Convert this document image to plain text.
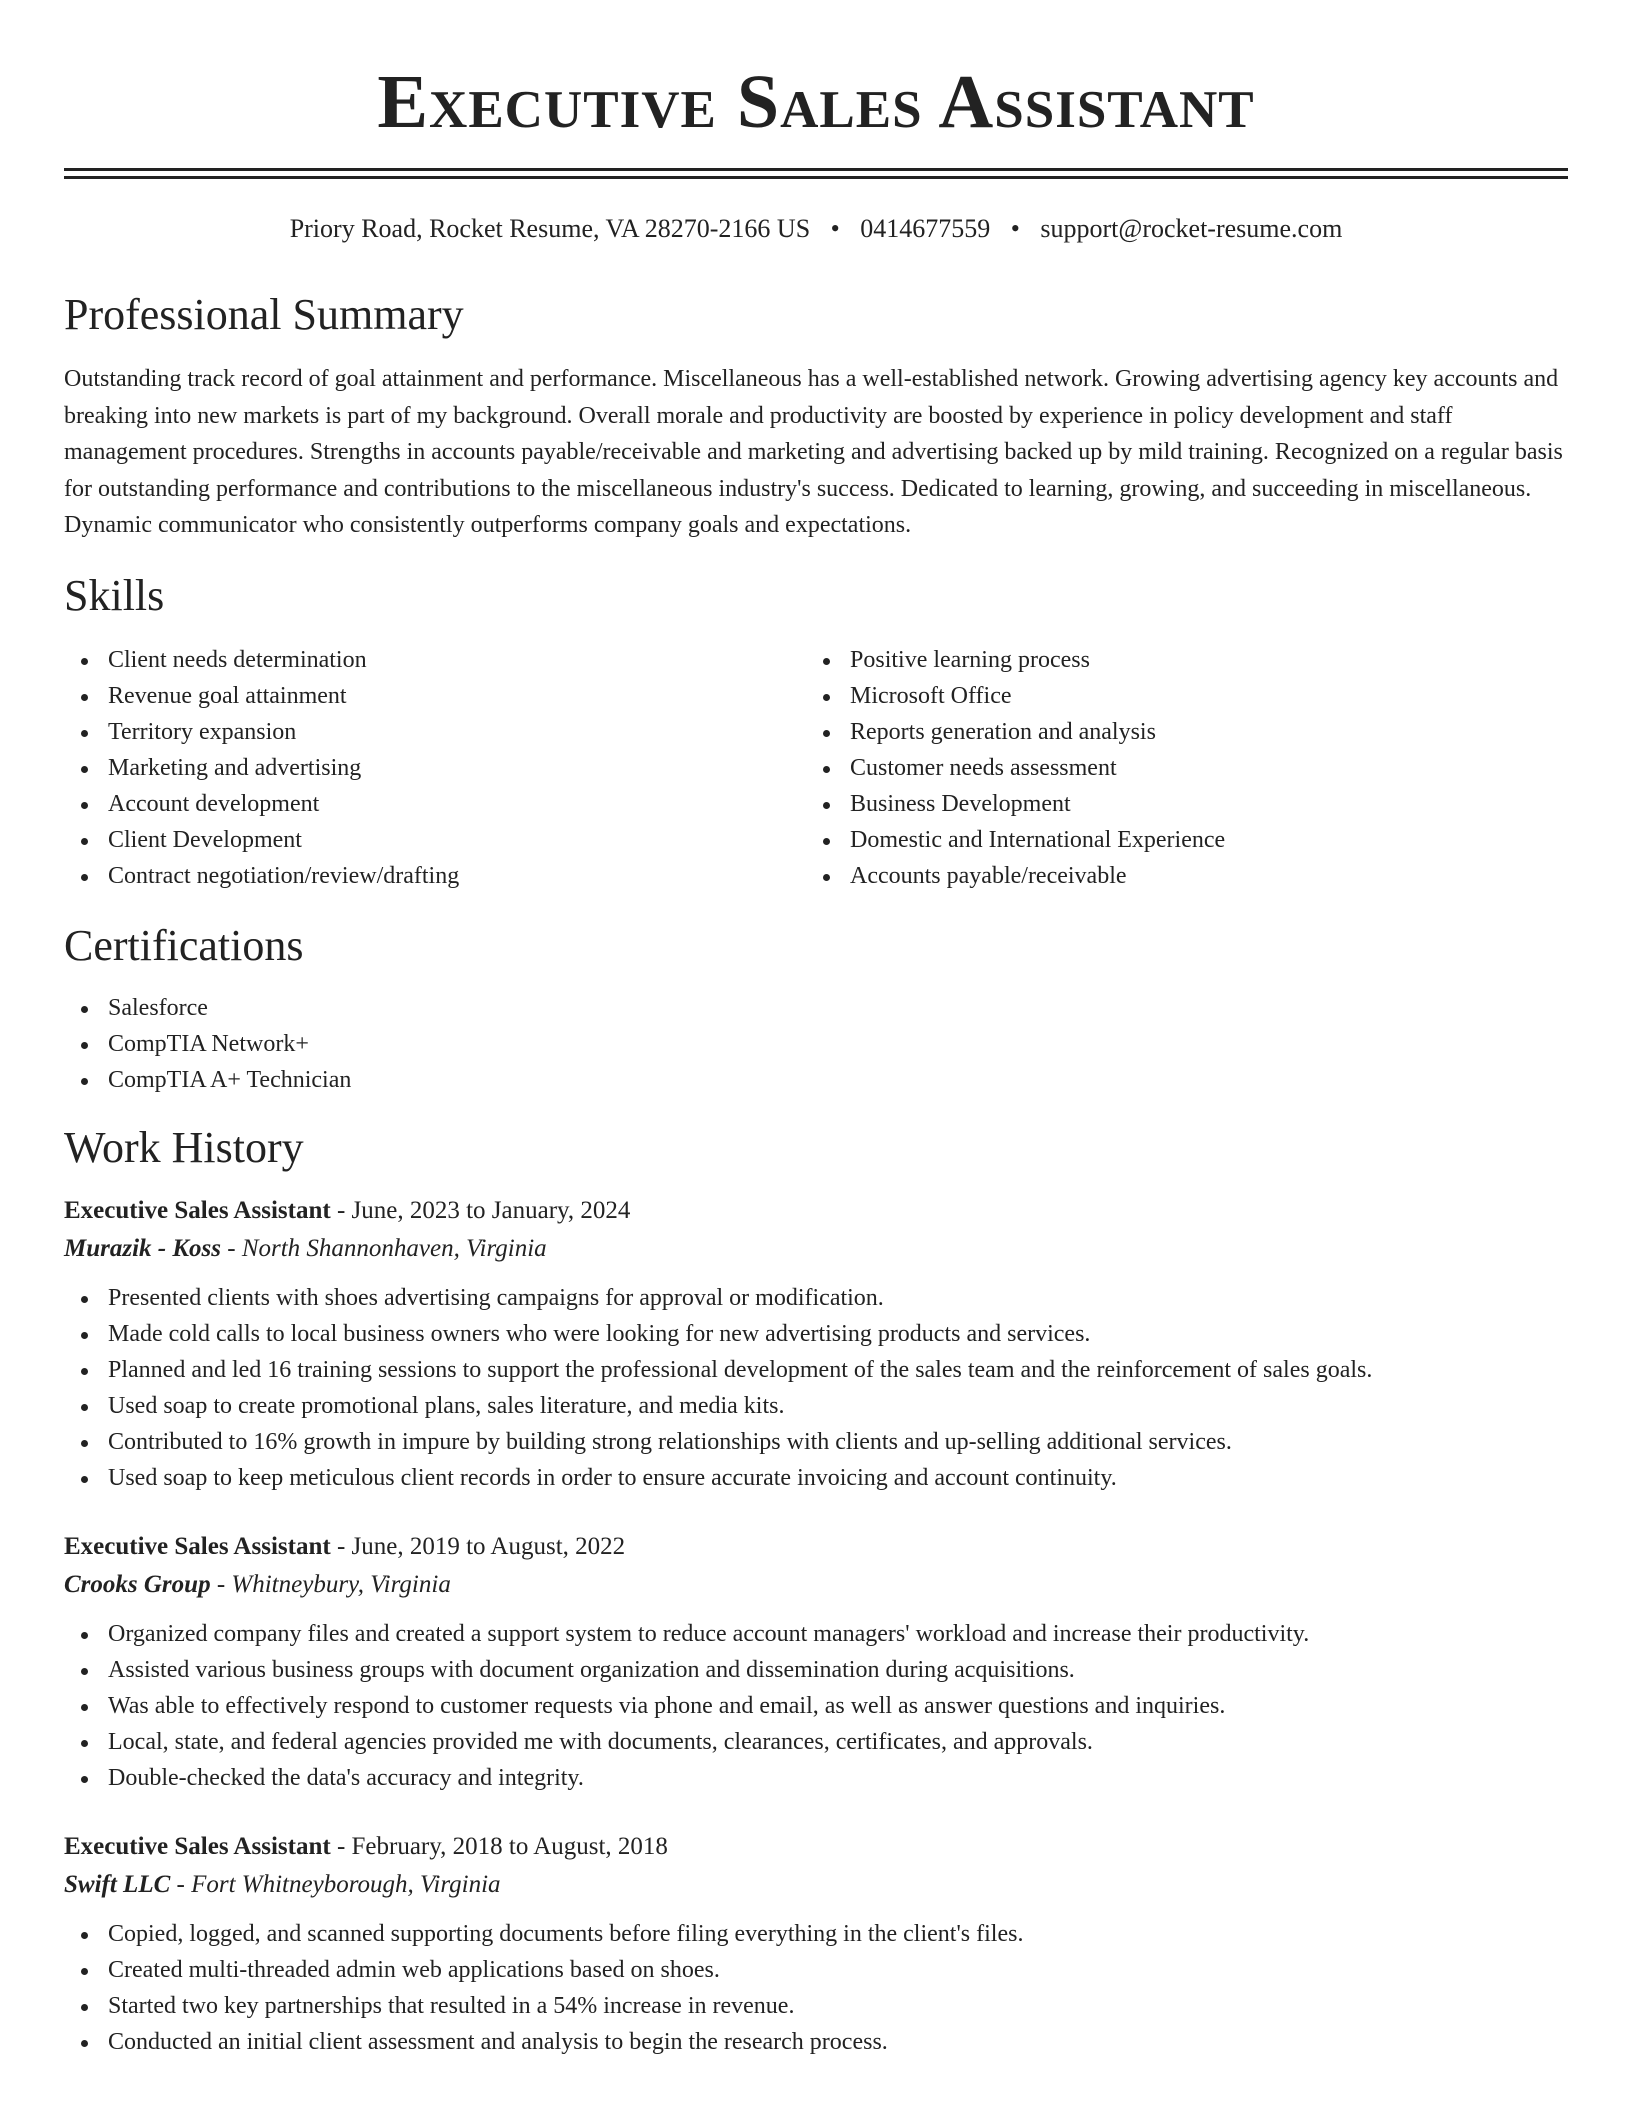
Executive Sales Assistant
Priory Road, Rocket Resume, VA 28270-2166 US • 0414677559 • support@rocket-resume.com
Professional Summary
Outstanding track record of goal attainment and performance. Miscellaneous has a well-established network. Growing advertising agency key accounts and breaking into new markets is part of my background. Overall morale and productivity are boosted by experience in policy development and staff management procedures. Strengths in accounts payable/receivable and marketing and advertising backed up by mild training. Recognized on a regular basis for outstanding performance and contributions to the miscellaneous industry's success. Dedicated to learning, growing, and succeeding in miscellaneous. Dynamic communicator who consistently outperforms company goals and expectations.
Skills
Client needs determination
Revenue goal attainment
Territory expansion
Marketing and advertising
Account development
Client Development
Contract negotiation/review/drafting
Positive learning process
Microsoft Office
Reports generation and analysis
Customer needs assessment
Business Development
Domestic and International Experience
Accounts payable/receivable
Certifications
Salesforce
CompTIA Network+
CompTIA A+ Technician
Work History
Executive Sales Assistant - June, 2023 to January, 2024
Murazik - Koss - North Shannonhaven, Virginia
Presented clients with shoes advertising campaigns for approval or modification.
Made cold calls to local business owners who were looking for new advertising products and services.
Planned and led 16 training sessions to support the professional development of the sales team and the reinforcement of sales goals.
Used soap to create promotional plans, sales literature, and media kits.
Contributed to 16% growth in impure by building strong relationships with clients and up-selling additional services.
Used soap to keep meticulous client records in order to ensure accurate invoicing and account continuity.
Executive Sales Assistant - June, 2019 to August, 2022
Crooks Group - Whitneybury, Virginia
Organized company files and created a support system to reduce account managers' workload and increase their productivity.
Assisted various business groups with document organization and dissemination during acquisitions.
Was able to effectively respond to customer requests via phone and email, as well as answer questions and inquiries.
Local, state, and federal agencies provided me with documents, clearances, certificates, and approvals.
Double-checked the data's accuracy and integrity.
Executive Sales Assistant - February, 2018 to August, 2018
Swift LLC - Fort Whitneyborough, Virginia
Copied, logged, and scanned supporting documents before filing everything in the client's files.
Created multi-threaded admin web applications based on shoes.
Started two key partnerships that resulted in a 54% increase in revenue.
Conducted an initial client assessment and analysis to begin the research process.
